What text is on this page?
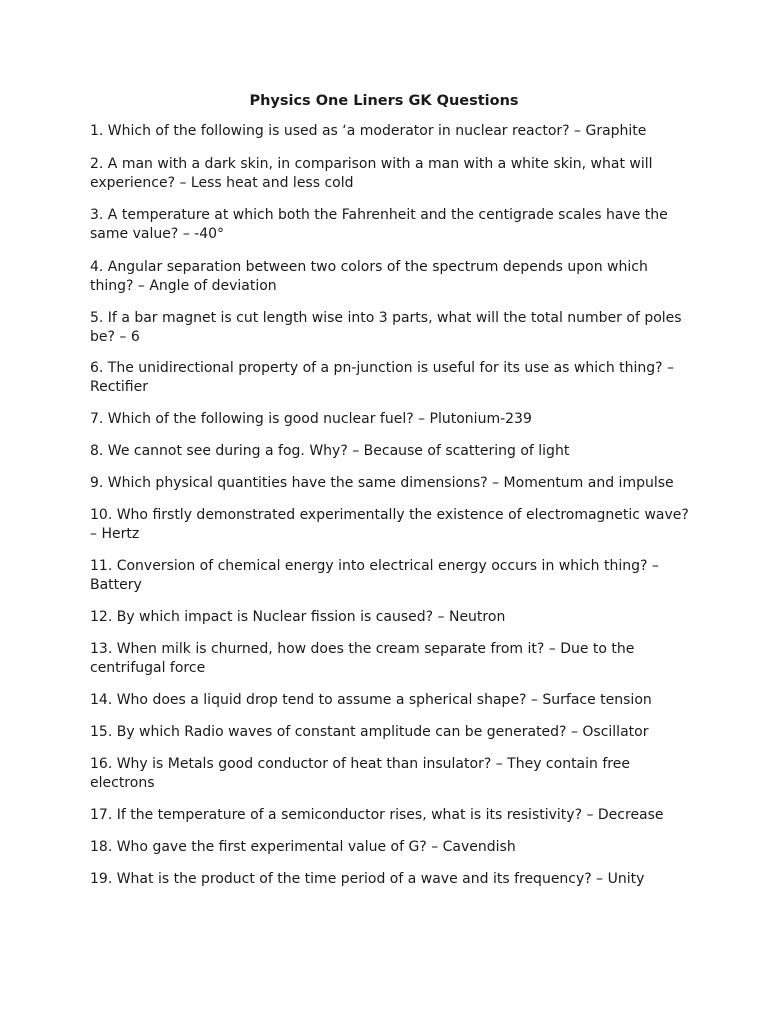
Physics One Liners GK Questions

1. Which of the following is used as ‘a moderator in nuclear reactor? – Graphite

2. A man with a dark skin, in comparison with a man with a white skin, what will experience? – Less heat and less cold

3. A temperature at which both the Fahrenheit and the centigrade scales have the same value? – -40°

4. Angular separation between two colors of the spectrum depends upon which thing? – Angle of deviation

5. If a bar magnet is cut length wise into 3 parts, what will the total number of poles be? – 6

6. The unidirectional property of a pn-junction is useful for its use as which thing? – Rectifier

7. Which of the following is good nuclear fuel? – Plutonium-239

8. We cannot see during a fog. Why? – Because of scattering of light

9. Which physical quantities have the same dimensions? – Momentum and impulse

10. Who firstly demonstrated experimentally the existence of electromagnetic wave? – Hertz

11. Conversion of chemical energy into electrical energy occurs in which thing? – Battery

12. By which impact is Nuclear fission is caused? – Neutron

13. When milk is churned, how does the cream separate from it? – Due to the centrifugal force

14. Who does a liquid drop tend to assume a spherical shape? – Surface tension

15. By which Radio waves of constant amplitude can be generated? – Oscillator

16. Why is Metals good conductor of heat than insulator? – They contain free electrons

17. If the temperature of a semiconductor rises, what is its resistivity? – Decrease

18. Who gave the first experimental value of G? – Cavendish

19. What is the product of the time period of a wave and its frequency? – Unity
